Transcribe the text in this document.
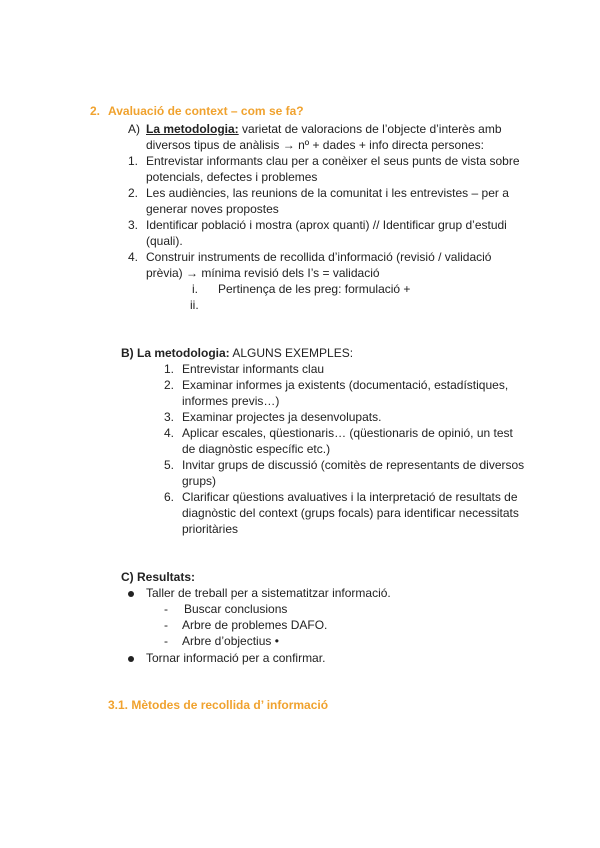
2. Avaluació de context – com se fa?
A) La metodologia: varietat de valoracions de l’objecte d’interès amb
diversos tipus de anàlisis → nº + dades + info directa persones:
1. Entrevistar informants clau per a conèixer el seus punts de vista sobre
potencials, defectes i problemes
2. Les audiències, las reunions de la comunitat i les entrevistes – per a
generar noves propostes
3. Identificar població i mostra (aprox quanti) // Identificar grup d’estudi
(quali).
4. Construir instruments de recollida d’informació (revisió / validació
prèvia) → mínima revisió dels I’s = validació
i. Pertinença de les preg: formulació +
ii.
B) La metodologia: ALGUNS EXEMPLES:
1. Entrevistar informants clau
2. Examinar informes ja existents (documentació, estadístiques,
informes previs…)
3. Examinar projectes ja desenvolupats.
4. Aplicar escales, qüestionaris… (qüestionaris de opinió, un test
de diagnòstic específic etc.)
5. Invitar grups de discussió (comitès de representants de diversos
grups)
6. Clarificar qüestions avaluatives i la interpretació de resultats de
diagnòstic del context (grups focals) para identificar necessitats
prioritàries
C) Resultats:
Taller de treball per a sistematitzar informació.
- Buscar conclusions
- Arbre de problemes DAFO.
- Arbre d’objectius •
Tornar informació per a confirmar.
3.1. Mètodes de recollida d’ informació
